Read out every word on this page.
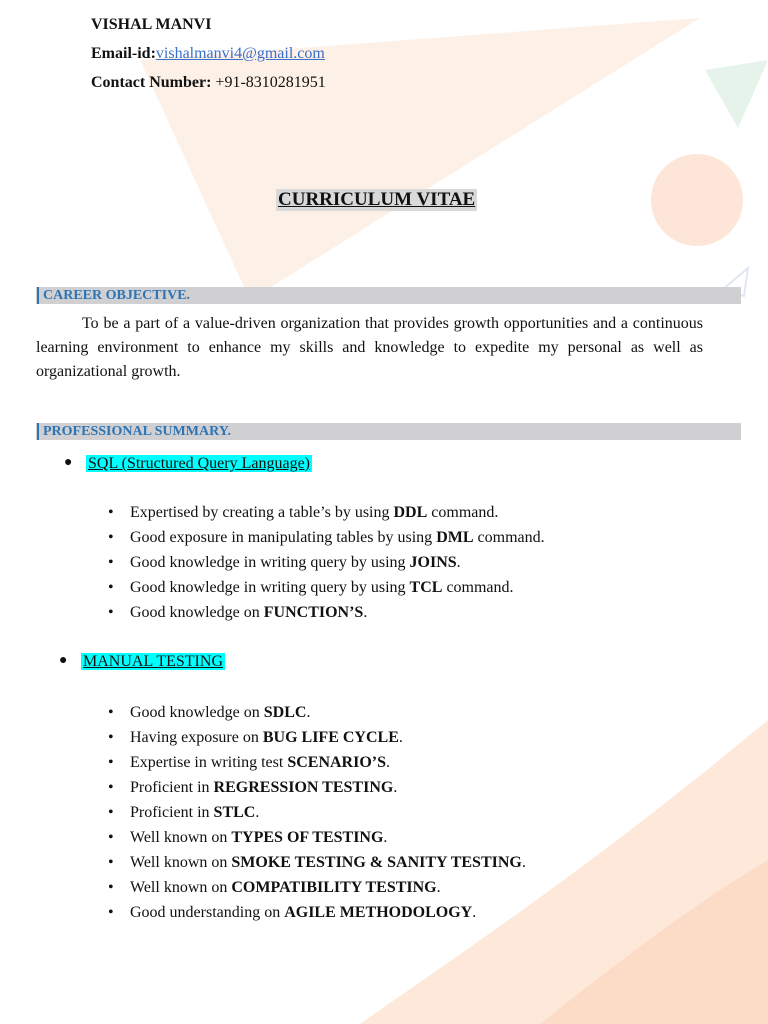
VISHAL MANVI
Email-id:vishalmanvi4@gmail.com
Contact Number: +91-8310281951
CURRICULUM VITAE
CAREER OBJECTIVE.
To be a part of a value-driven organization that provides growth opportunities and a continuous learning environment to enhance my skills and knowledge to expedite my personal as well as organizational growth.
PROFESSIONAL SUMMARY.
● SQL (Structured Query Language)
• Expertised by creating a table’s by using DDL command.
• Good exposure in manipulating tables by using DML command.
• Good knowledge in writing query by using JOINS.
• Good knowledge in writing query by using TCL command.
• Good knowledge on FUNCTION’S.
● MANUAL TESTING
• Good knowledge on SDLC.
• Having exposure on BUG LIFE CYCLE.
• Expertise in writing test SCENARIO’S.
• Proficient in REGRESSION TESTING.
• Proficient in STLC.
• Well known on TYPES OF TESTING.
• Well known on SMOKE TESTING & SANITY TESTING.
• Well known on COMPATIBILITY TESTING.
• Good understanding on AGILE METHODOLOGY.
